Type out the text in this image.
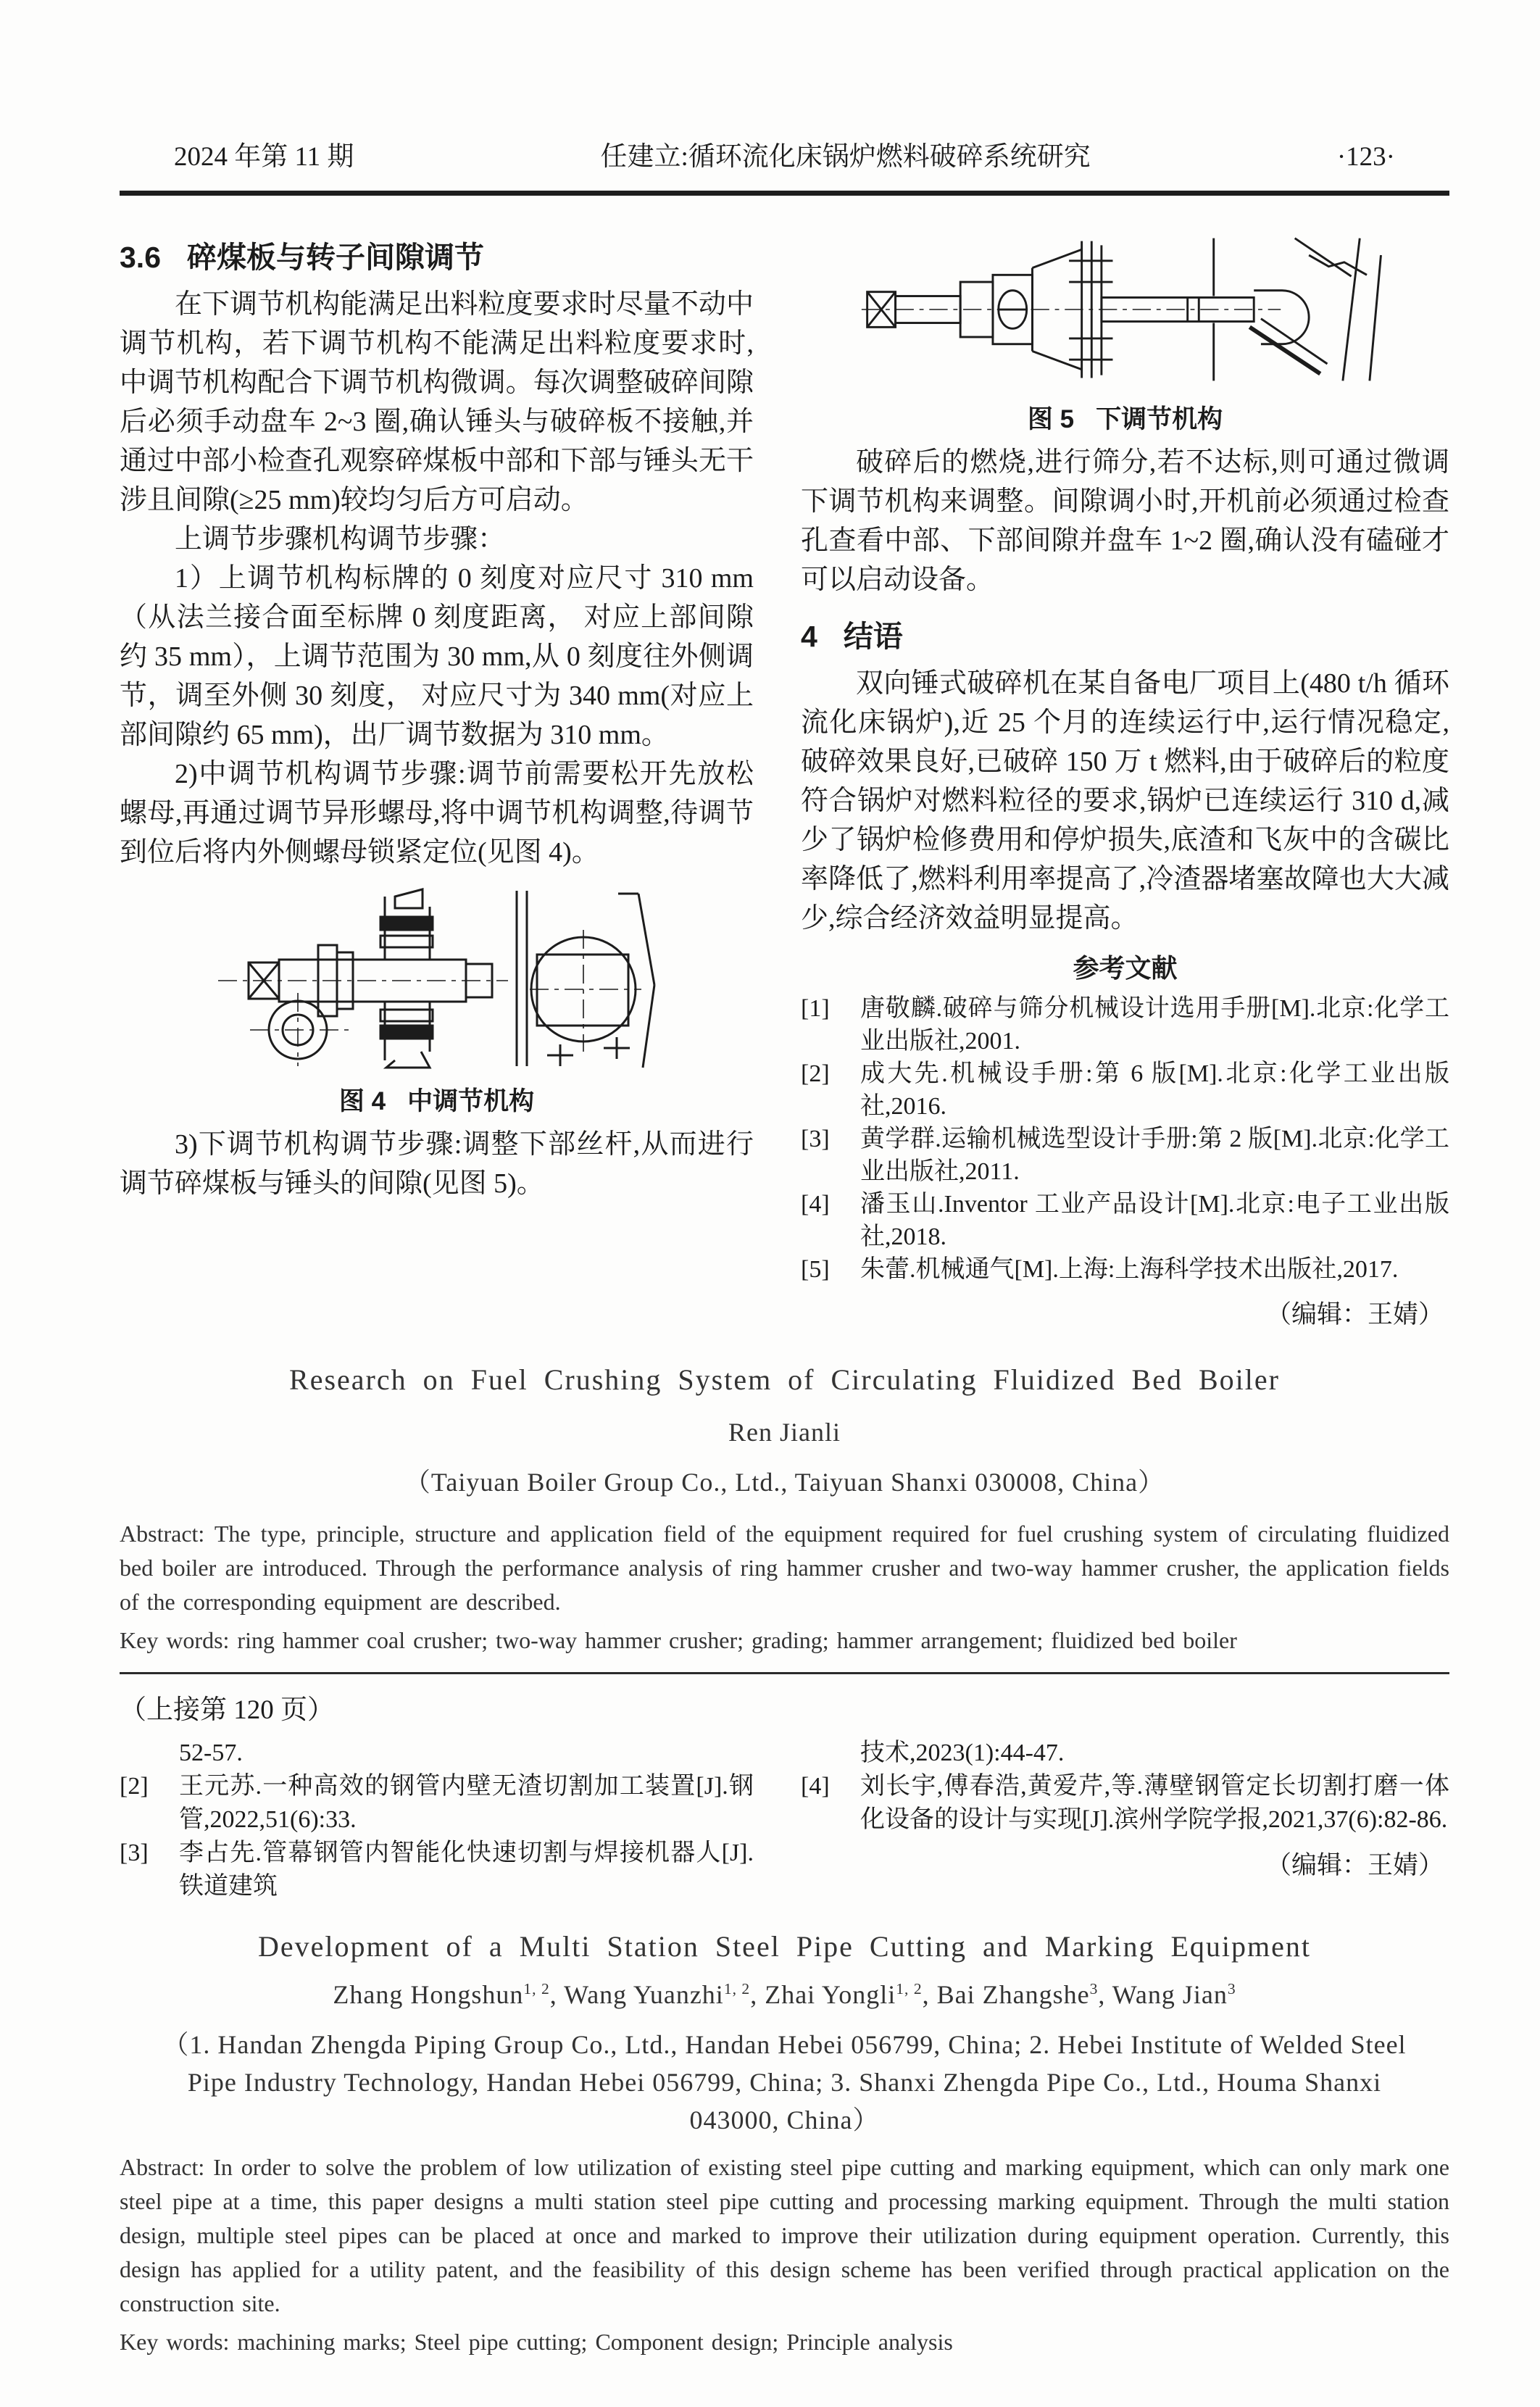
2024 年第 11 期	任建立:循环流化床锅炉燃料破碎系统研究	·123·
3.6 碎煤板与转子间隙调节

在下调节机构能满足出料粒度要求时尽量不动中调节机构，若下调节机构不能满足出料粒度要求时,中调节机构配合下调节机构微调。每次调整破碎间隙后必须手动盘车 2~3 圈,确认锤头与破碎板不接触,并通过中部小检查孔观察碎煤板中部和下部与锤头无干涉且间隙(≥25 mm)较均匀后方可启动。

上调节步骤机构调节步骤：

1）上调节机构标牌的 0 刻度对应尺寸 310 mm（从法兰接合面至标牌 0 刻度距离， 对应上部间隙约 35 mm），上调节范围为 30 mm,从 0 刻度往外侧调节，调至外侧 30 刻度， 对应尺寸为 340 mm(对应上部间隙约 65 mm)，出厂调节数据为 310 mm。

2)中调节机构调节步骤:调节前需要松开先放松螺母,再通过调节异形螺母,将中调节机构调整,待调节到位后将内外侧螺母锁紧定位(见图 4)。

图 4 中调节机构

3)下调节机构调节步骤:调整下部丝杆,从而进行调节碎煤板与锤头的间隙(见图 5)。

图 5 下调节机构

破碎后的燃烧,进行筛分,若不达标,则可通过微调下调节机构来调整。间隙调小时,开机前必须通过检查孔查看中部、下部间隙并盘车 1~2 圈,确认没有磕碰才可以启动设备。

4 结语

双向锤式破碎机在某自备电厂项目上(480 t/h 循环流化床锅炉),近 25 个月的连续运行中,运行情况稳定,破碎效果良好,已破碎 150 万 t 燃料,由于破碎后的粒度符合锅炉对燃料粒径的要求,锅炉已连续运行 310 d,减少了锅炉检修费用和停炉损失,底渣和飞灰中的含碳比率降低了,燃料利用率提高了,冷渣器堵塞故障也大大减少,综合经济效益明显提高。

参考文献
[1]	唐敬麟.破碎与筛分机械设计选用手册[M].北京:化学工业出版社,2001.
[2]	成大先.机械设手册:第 6 版[M].北京:化学工业出版社,2016.
[3]	黄学群.运输机械选型设计手册:第 2 版[M].北京:化学工业出版社,2011.
[4]	潘玉山.Inventor 工业产品设计[M].北京:电子工业出版社,2018.
[5]	朱蕾.机械通气[M].上海:上海科学技术出版社,2017.
（编辑：王婧）
Research on Fuel Crushing System of Circulating Fluidized Bed Boiler
Ren Jianli
（Taiyuan Boiler Group Co., Ltd., Taiyuan Shanxi 030008, China）

Abstract: The type, principle, structure and application field of the equipment required for fuel crushing system of circulating fluidized bed boiler are introduced. Through the performance analysis of ring hammer crusher and two-way hammer crusher, the application fields of the corresponding equipment are described.

Key words: ring hammer coal crusher; two-way hammer crusher; grading; hammer arrangement; fluidized bed boiler

（上接第 120 页）
52-57.
[2]	王元苏.一种高效的钢管内壁无渣切割加工装置[J].钢管,2022,51(6):33.
[3]	李占先.管幕钢管内智能化快速切割与焊接机器人[J].铁道建筑
技术,2023(1):44-47.
[4]	刘长宇,傅春浩,黄爱芹,等.薄壁钢管定长切割打磨一体化设备的设计与实现[J].滨州学院学报,2021,37(6):82-86.
（编辑：王婧）
Development of a Multi Station Steel Pipe Cutting and Marking Equipment
Zhang Hongshun$^{1, 2}$, Wang Yuanzhi$^{1, 2}$, Zhai Yongli$^{1, 2}$, Bai Zhangshe$^3$, Wang Jian$^3$
（1. Handan Zhengda Piping Group Co., Ltd., Handan Hebei 056799, China; 2. Hebei Institute of Welded Steel Pipe Industry Technology, Handan Hebei 056799, China; 3. Shanxi Zhengda Pipe Co., Ltd., Houma Shanxi 043000, China）

Abstract: In order to solve the problem of low utilization of existing steel pipe cutting and marking equipment, which can only mark one steel pipe at a time, this paper designs a multi station steel pipe cutting and processing marking equipment. Through the multi station design, multiple steel pipes can be placed at once and marked to improve their utilization during equipment operation. Currently, this design has applied for a utility patent, and the feasibility of this design scheme has been verified through practical application on the construction site.

Key words: machining marks; Steel pipe cutting; Component design; Principle analysis
